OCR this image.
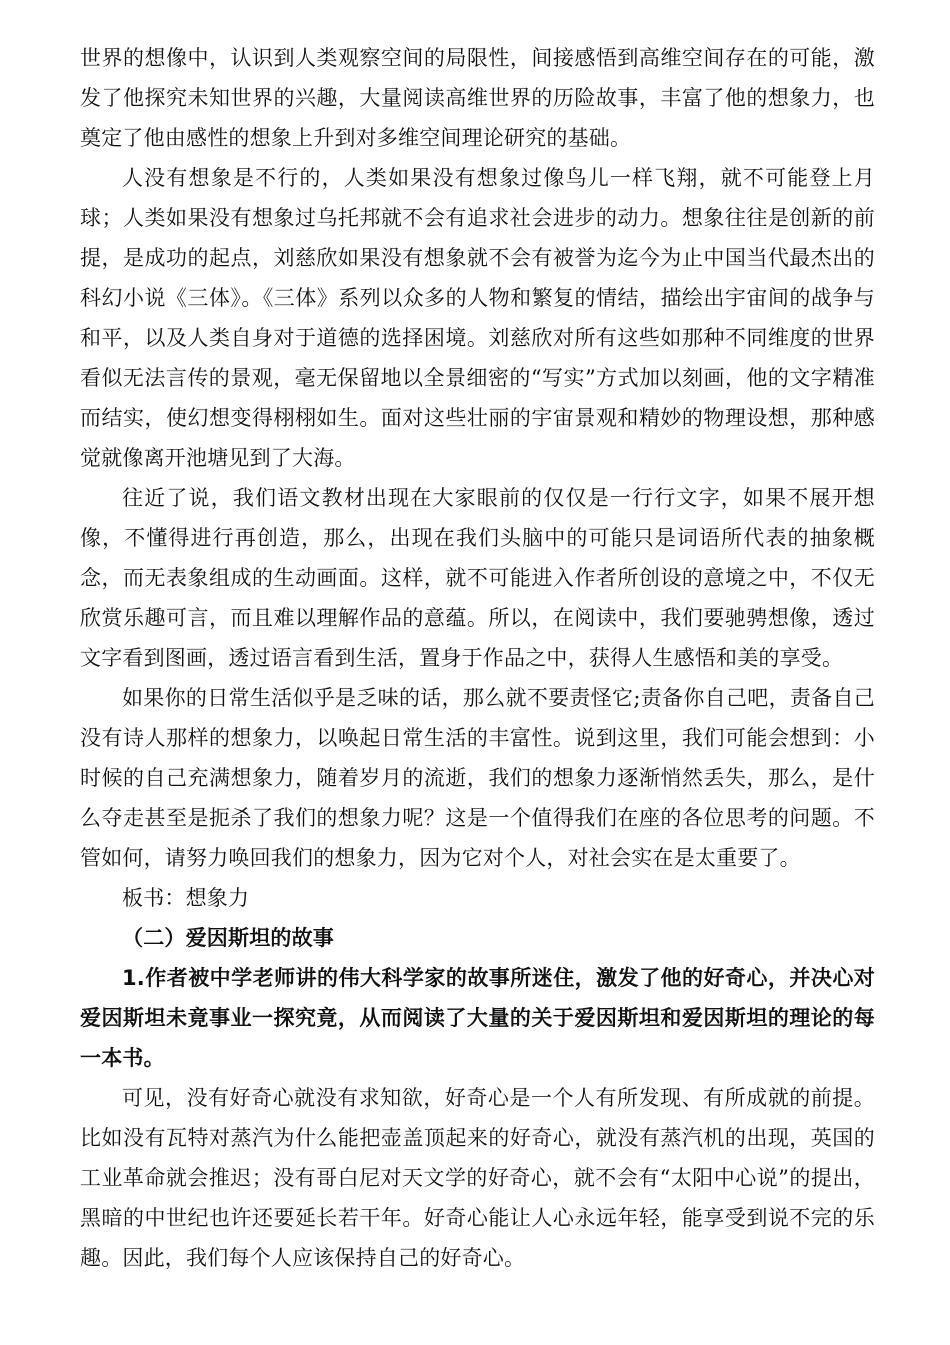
世界的想像中，认识到人类观察空间的局限性，间接感悟到高维空间存在的可能，激发了他探究未知世界的兴趣，大量阅读高维世界的历险故事，丰富了他的想象力，也奠定了他由感性的想象上升到对多维空间理论研究的基础。

人没有想象是不行的，人类如果没有想象过像鸟儿一样飞翔，就不可能登上月球；人类如果没有想象过乌托邦就不会有追求社会进步的动力。想象往往是创新的前提，是成功的起点，刘慈欣如果没有想象就不会有被誉为迄今为止中国当代最杰出的科幻小说《三体》。《三体》系列以众多的人物和繁复的情结，描绘出宇宙间的战争与和平，以及人类自身对于道德的选择困境。刘慈欣对所有这些如那种不同维度的世界看似无法言传的景观，毫无保留地以全景细密的“写实”方式加以刻画，他的文字精准而结实，使幻想变得栩栩如生。面对这些壮丽的宇宙景观和精妙的物理设想，那种感觉就像离开池塘见到了大海。

往近了说，我们语文教材出现在大家眼前的仅仅是一行行文字，如果不展开想像，不懂得进行再创造，那么，出现在我们头脑中的可能只是词语所代表的抽象概念，而无表象组成的生动画面。这样，就不可能进入作者所创设的意境之中，不仅无欣赏乐趣可言，而且难以理解作品的意蕴。所以，在阅读中，我们要驰骋想像，透过文字看到图画，透过语言看到生活，置身于作品之中，获得人生感悟和美的享受。

如果你的日常生活似乎是乏味的话，那么就不要责怪它;责备你自己吧，责备自己没有诗人那样的想象力，以唤起日常生活的丰富性。说到这里，我们可能会想到：小时候的自己充满想象力，随着岁月的流逝，我们的想象力逐渐悄然丢失，那么，是什么夺走甚至是扼杀了我们的想象力呢？这是一个值得我们在座的各位思考的问题。不管如何，请努力唤回我们的想象力，因为它对个人，对社会实在是太重要了。

板书：想象力

（二）爱因斯坦的故事

1.作者被中学老师讲的伟大科学家的故事所迷住，激发了他的好奇心，并决心对爱因斯坦未竟事业一探究竟，从而阅读了大量的关于爱因斯坦和爱因斯坦的理论的每一本书。

可见，没有好奇心就没有求知欲，好奇心是一个人有所发现、有所成就的前提。比如没有瓦特对蒸汽为什么能把壶盖顶起来的好奇心，就没有蒸汽机的出现，英国的工业革命就会推迟；没有哥白尼对天文学的好奇心，就不会有“太阳中心说”的提出，黑暗的中世纪也许还要延长若干年。好奇心能让人心永远年轻，能享受到说不完的乐趣。因此，我们每个人应该保持自己的好奇心。
